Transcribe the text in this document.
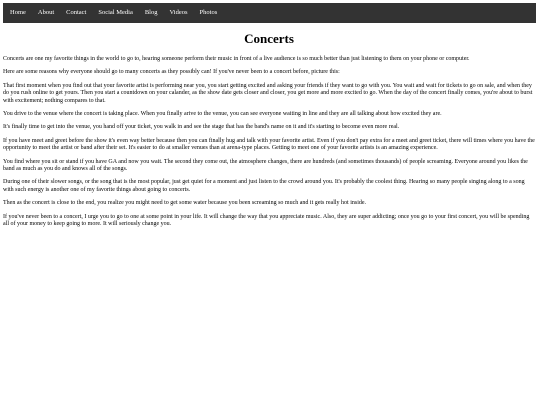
Home	About	Contact	Social Media	Blog	Videos	Photos
Concerts

Concerts are one my favorite things in the world to go to, hearing someone perform their music in front of a live audience is so much better than just listening to them on your phone or computer.

Here are some reasons why everyone should go to many concerts as they possibly can! If you've never been to a concert before, picture this:

That first moment when you find out that your favorite artist is performing near you, you start getting excited and asking your friends if they want to go with you. You wait and wait for tickets to go on sale, and when they do you rush online to get yours. Then you start a countdown on your calander, as the show date gets closer and closer, you get more and more excited to go. When the day of the concert finally comes, you're about to burst with excitement; nothing compares to that.

You drive to the venue where the concert is taking place. When you finally arive to the venue, you can see everyone waiting in line and they are all talking about how excited they are.

It's finally time to get into the venue, you hand off your ticket, you walk in and see the stage that has the band's name on it and it's starting to become even more real.

If you have meet and greet before the show it's even way better because then you can finally hug and talk with your favorite artist. Even if you don't pay extra for a meet and greet ticket, there will times where you have the opportunity to meet the artist or band after their set. It's easier to do at smaller venues than at arena-type places. Getting to meet one of your favorite artists is an amazing experience.

You find where you sit or stand if you have GA and now you wait. The second they come out, the atmosphere changes, there are hundreds (and sometimes thousands) of people screaming. Everyone around you likes the band as much as you do and knows all of the songs.

During one of their slower songs, or the song that is the most popular, just get quiet for a moment and just listen to the crowd around you. It's probably the coolest thing. Hearing so many people singing along to a song with such energy is another one of my favorite things about going to concerts.

Then as the concert is close to the end, you realize you might need to get some water because you been screaming so much and it gets really hot inside.

If you've never been to a concert, I urge you to go to one at some point in your life. It will change the way that you appreciate music. Also, they are super addicting; once you go to your first concert, you will be spending all of your money to keep going to more. It will seriously change you.
